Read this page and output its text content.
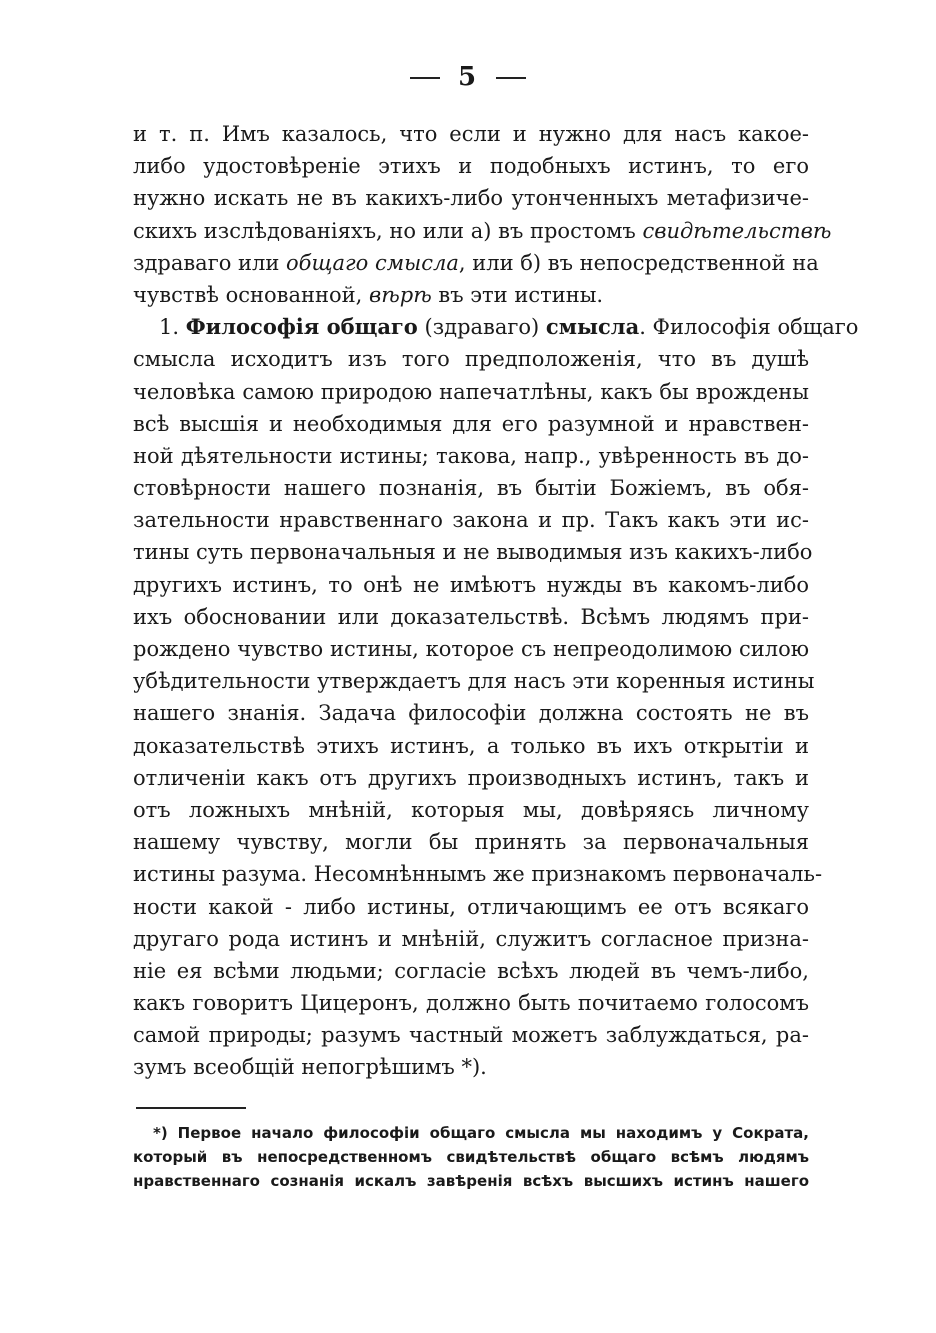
5
и т. п. Имъ казалось, что если и нужно для насъ какое-
либо удостовѣреніе этихъ и подобныхъ истинъ, то его
нужно искать не въ какихъ-либо утонченныхъ метафизиче-
скихъ изслѣдованіяхъ, но или а) въ простомъ свидѣтельствѣ
здраваго или общаго смысла, или б) въ непосредственной на
чувствѣ основанной, вѣрѣ въ эти истины.
1. Философія общаго (здраваго) смысла. Философія общаго
смысла исходитъ изъ того предположенія, что въ душѣ
человѣка самою природою напечатлѣны, какъ бы врождены
всѣ высшія и необходимыя для его разумной и нравствен-
ной дѣятельности истины; такова, напр., увѣренность въ до-
стовѣрности нашего познанія, въ бытіи Божіемъ, въ обя-
зательности нравственнаго закона и пр. Такъ какъ эти ис-
тины суть первоначальныя и не выводимыя изъ какихъ-либо
другихъ истинъ, то онѣ не имѣютъ нужды въ какомъ-либо
ихъ обосновании или доказательствѣ. Всѣмъ людямъ при-
рождено чувство истины, которое съ непреодолимою силою
убѣдительности утверждаетъ для насъ эти коренныя истины
нашего знанія. Задача философіи должна состоять не въ
доказательствѣ этихъ истинъ, а только въ ихъ открытіи и
отличеніи какъ отъ другихъ производныхъ истинъ, такъ и
отъ ложныхъ мнѣній, которыя мы, довѣряясь личному
нашему чувству, могли бы принять за первоначальныя
истины разума. Несомнѣннымъ же признакомъ первоначаль-
ности какой - либо истины, отличающимъ ее отъ всякаго
другаго рода истинъ и мнѣній, служитъ согласное призна-
ніе ея всѣми людьми; согласіе всѣхъ людей въ чемъ-либо,
какъ говоритъ Цицеронъ, должно быть почитаемо голосомъ
самой природы; разумъ частный можетъ заблуждаться, ра-
зумъ всеобщій непогрѣшимъ *).
*) Первое начало философіи общаго смысла мы находимъ у Сократа,
который въ непосредственномъ свидѣтельствѣ общаго всѣмъ людямъ
нравственнаго сознанія искалъ завѣренія всѣхъ высшихъ истинъ нашего
